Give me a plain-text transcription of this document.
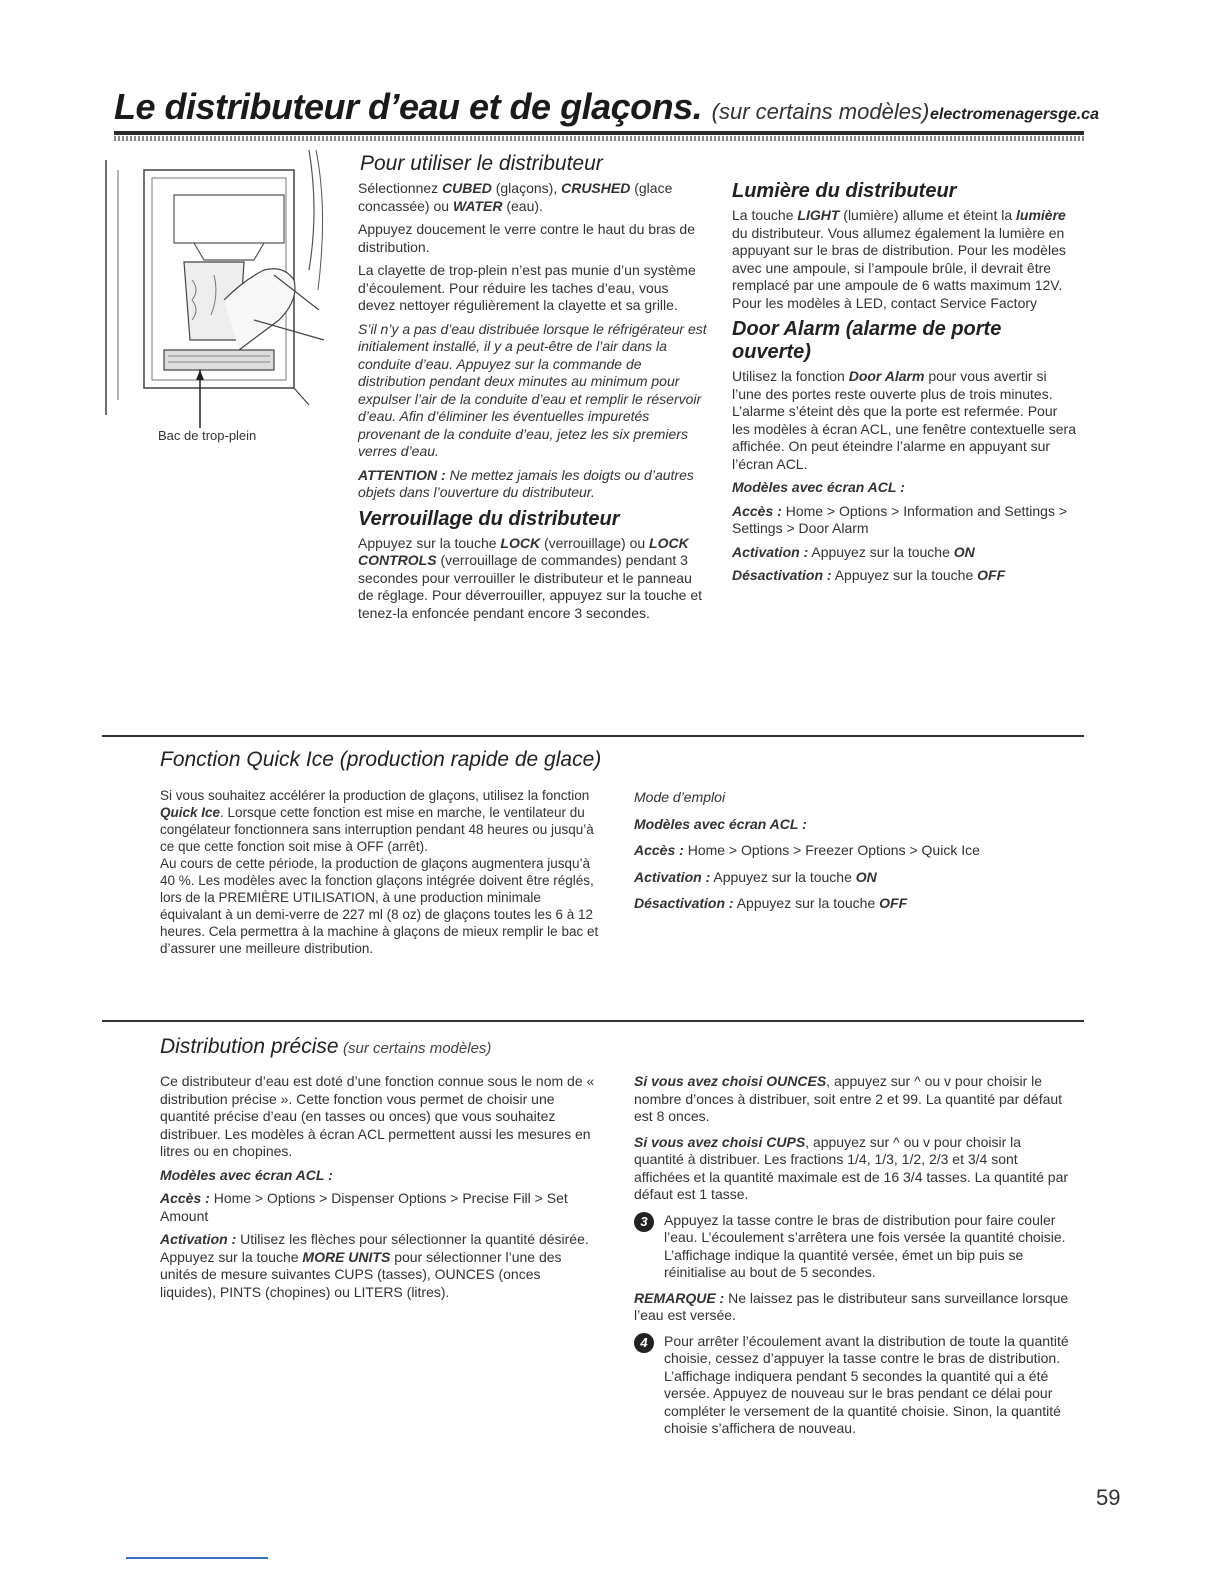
Le distributeur d’eau et de glaçons. (sur certains modèles) electromenagersge.ca
Bac de trop-plein
Pour utiliser le distributeur

Sélectionnez CUBED (glaçons), CRUSHED (glace concassée) ou WATER (eau).

Appuyez doucement le verre contre le haut du bras de distribution.

La clayette de trop-plein n’est pas munie d’un système d’écoulement. Pour réduire les taches d’eau, vous devez nettoyer régulièrement la clayette et sa grille.

S’il n’y a pas d’eau distribuée lorsque le réfrigérateur est initialement installé, il y a peut-être de l’air dans la conduite d’eau. Appuyez sur la commande de distribution pendant deux minutes au minimum pour expulser l’air de la conduite d’eau et remplir le réservoir d’eau. Afin d’éliminer les éventuelles impuretés provenant de la conduite d’eau, jetez les six premiers verres d’eau.

ATTENTION : Ne mettez jamais les doigts ou d’autres objets dans l’ouverture du distributeur.

Verrouillage du distributeur

Appuyez sur la touche LOCK (verrouillage) ou LOCK CONTROLS (verrouillage de commandes) pendant 3 secondes pour verrouiller le distributeur et le panneau de réglage. Pour déverrouiller, appuyez sur la touche et tenez-la enfoncée pendant encore 3 secondes.

Lumière du distributeur

La touche LIGHT (lumière) allume et éteint la lumière du distributeur. Vous allumez également la lumière en appuyant sur le bras de distribution. Pour les modèles avec une ampoule, si l’ampoule brûle, il devrait être remplacé par une ampoule de 6 watts maximum 12V. Pour les modèles à LED, contact Service Factory

Door Alarm (alarme de porte ouverte)

Utilisez la fonction Door Alarm pour vous avertir si l’une des portes reste ouverte plus de trois minutes. L’alarme s’éteint dès que la porte est refermée. Pour les modèles à écran ACL, une fenêtre contextuelle sera affichée. On peut éteindre l’alarme en appuyant sur l’écran ACL.

Modèles avec écran ACL :

Accès : Home > Options > Information and Settings > Settings > Door Alarm

Activation : Appuyez sur la touche ON

Désactivation : Appuyez sur la touche OFF

Fonction Quick Ice (production rapide de glace)

Si vous souhaitez accélérer la production de glaçons, utilisez la fonction Quick Ice. Lorsque cette fonction est mise en marche, le ventilateur du congélateur fonctionnera sans interruption pendant 48 heures ou jusqu’à ce que cette fonction soit mise à OFF (arrêt).

Au cours de cette période, la production de glaçons augmentera jusqu’à 40 %. Les modèles avec la fonction glaçons intégrée doivent être réglés, lors de la PREMIÈRE UTILISATION, à une production minimale équivalant à un demi-verre de 227 ml (8 oz) de glaçons toutes les 6 à 12 heures. Cela permettra à la machine à glaçons de mieux remplir le bac et d’assurer une meilleure distribution.

Mode d’emploi

Modèles avec écran ACL :

Accès : Home > Options > Freezer Options > Quick Ice

Activation : Appuyez sur la touche ON

Désactivation : Appuyez sur la touche OFF

Distribution précise (sur certains modèles)

Ce distributeur d’eau est doté d’une fonction connue sous le nom de « distribution précise ». Cette fonction vous permet de choisir une quantité précise d’eau (en tasses ou onces) que vous souhaitez distribuer. Les modèles à écran ACL permettent aussi les mesures en litres ou en chopines.

Modèles avec écran ACL :

Accès : Home > Options > Dispenser Options > Precise Fill > Set Amount

Activation : Utilisez les flèches pour sélectionner la quantité désirée. Appuyez sur la touche MORE UNITS pour sélectionner l’une des unités de mesure suivantes CUPS (tasses), OUNCES (onces liquides), PINTS (chopines) ou LITERS (litres).

Si vous avez choisi OUNCES, appuyez sur ^ ou v pour choisir le nombre d’onces à distribuer, soit entre 2 et 99. La quantité par défaut est 8 onces.

Si vous avez choisi CUPS, appuyez sur ^ ou v pour choisir la quantité à distribuer. Les fractions 1/4, 1/3, 1/2, 2/3 et 3/4 sont affichées et la quantité maximale est de 16 3/4 tasses. La quantité par défaut est 1 tasse.

3	Appuyez la tasse contre le bras de distribution pour faire couler l’eau. L’écoulement s’arrêtera une fois versée la quantité choisie. L’affichage indique la quantité versée, émet un bip puis se réinitialise au bout de 5 secondes.

REMARQUE : Ne laissez pas le distributeur sans surveillance lorsque l’eau est versée.

4	Pour arrêter l’écoulement avant la distribution de toute la quantité choisie, cessez d’appuyer la tasse contre le bras de distribution. L’affichage indiquera pendant 5 secondes la quantité qui a été versée. Appuyez de nouveau sur le bras pendant ce délai pour compléter le versement de la quantité choisie. Sinon, la quantité choisie s’affichera de nouveau.
59
